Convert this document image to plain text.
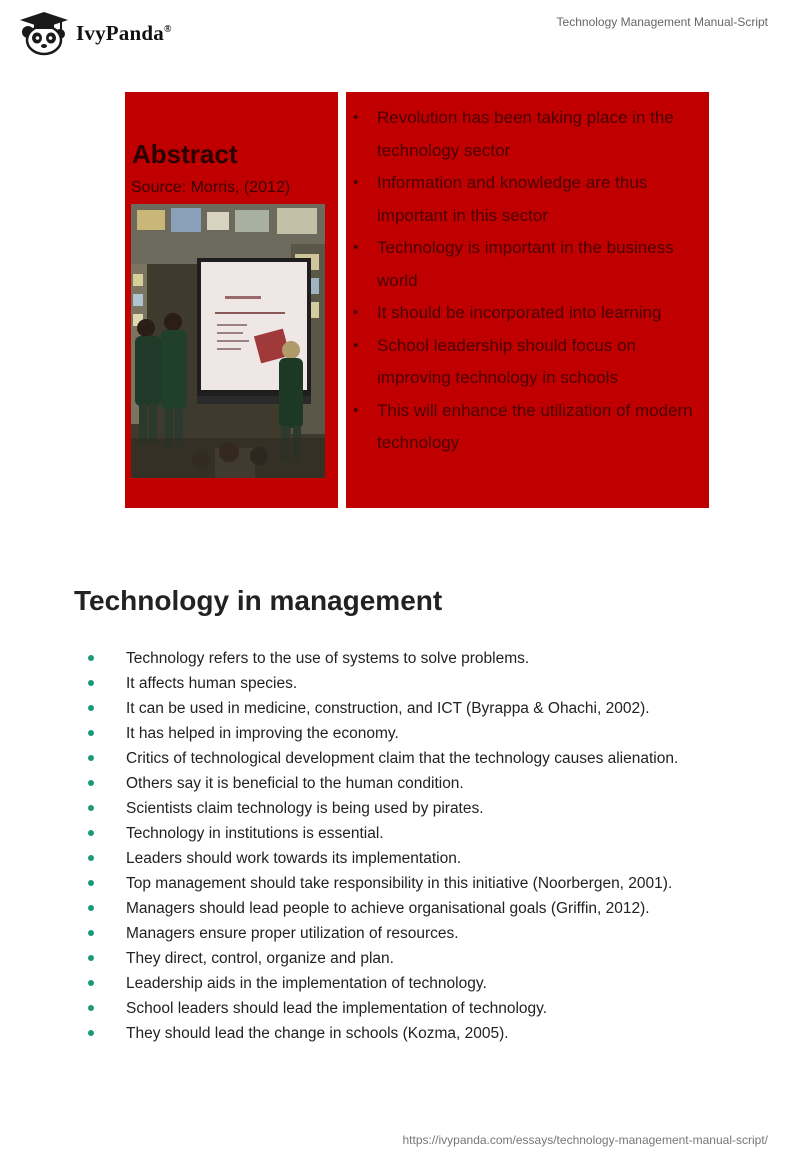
IvyPanda®	Technology Management Manual-Script
Abstract
Source: Morris, (2012)
• Revolution has been taking place in the technology sector
• Information and knowledge are thus important in this sector
• Technology is important in the business world
• It should be incorporated into learning
• School leadership should focus on improving technology in schools
• This will enhance the utilization of modern technology
Technology in management
Technology refers to the use of systems to solve problems.
It affects human species.
It can be used in medicine, construction, and ICT (Byrappa & Ohachi, 2002).
It has helped in improving the economy.
Critics of technological development claim that the technology causes alienation.
Others say it is beneficial to the human condition.
Scientists claim technology is being used by pirates.
Technology in institutions is essential.
Leaders should work towards its implementation.
Top management should take responsibility in this initiative (Noorbergen, 2001).
Managers should lead people to achieve organisational goals (Griffin, 2012).
Managers ensure proper utilization of resources.
They direct, control, organize and plan.
Leadership aids in the implementation of technology.
School leaders should lead the implementation of technology.
They should lead the change in schools (Kozma, 2005).
https://ivypanda.com/essays/technology-management-manual-script/
